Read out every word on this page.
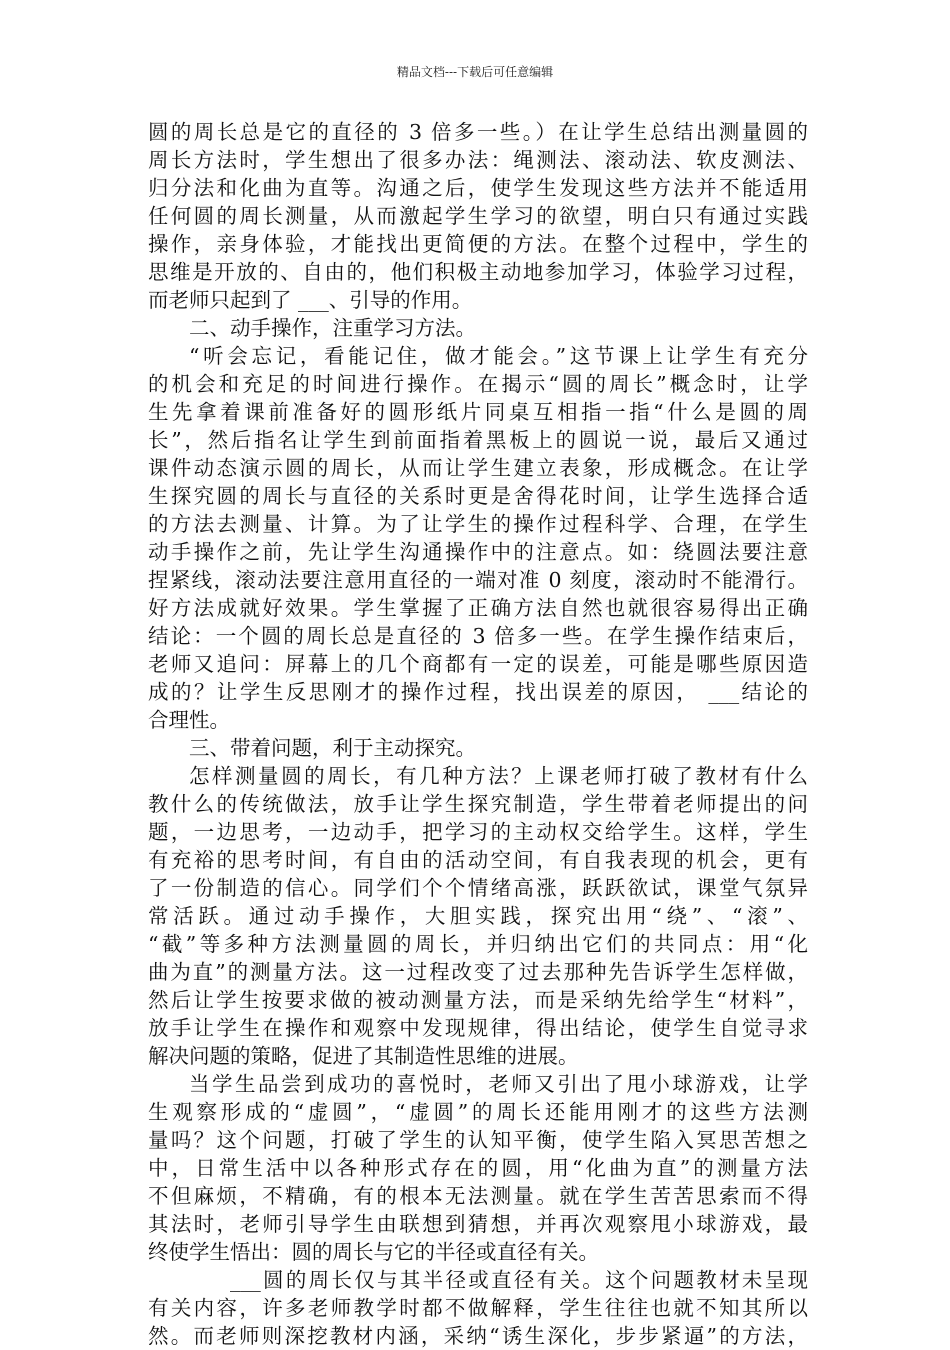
精品文档---下载后可任意编辑
圆的周长总是它的直径的 3 倍多一些。）在让学生总结出测量圆的
周长方法时，学生想出了很多办法：绳测法、滚动法、软皮测法、
归分法和化曲为直等。沟通之后，使学生发现这些方法并不能适用
任何圆的周长测量，从而激起学生学习的欲望，明白只有通过实践
操作，亲身体验，才能找出更简便的方法。在整个过程中，学生的
思维是开放的、自由的，他们积极主动地参加学习，体验学习过程，
而老师只起到了 ___、引导的作用。
二、动手操作，注重学习方法。
“听会忘记，看能记住，做才能会。”这节课上让学生有充分
的机会和充足的时间进行操作。在揭示“圆的周长”概念时，让学
生先拿着课前准备好的圆形纸片同桌互相指一指“什么是圆的周
长”，然后指名让学生到前面指着黑板上的圆说一说，最后又通过
课件动态演示圆的周长，从而让学生建立表象，形成概念。在让学
生探究圆的周长与直径的关系时更是舍得花时间，让学生选择合适
的方法去测量、计算。为了让学生的操作过程科学、合理，在学生
动手操作之前，先让学生沟通操作中的注意点。如：绕圆法要注意
捏紧线，滚动法要注意用直径的一端对准 0 刻度，滚动时不能滑行。
好方法成就好效果。学生掌握了正确方法自然也就很容易得出正确
结论：一个圆的周长总是直径的 3 倍多一些。在学生操作结束后，
老师又追问：屏幕上的几个商都有一定的误差，可能是哪些原因造
成的？让学生反思刚才的操作过程，找出误差的原因， ___结论的
合理性。
三、带着问题，利于主动探究。
怎样测量圆的周长，有几种方法？上课老师打破了教材有什么
教什么的传统做法，放手让学生探究制造，学生带着老师提出的问
题，一边思考，一边动手，把学习的主动权交给学生。这样，学生
有充裕的思考时间，有自由的活动空间，有自我表现的机会，更有
了一份制造的信心。同学们个个情绪高涨，跃跃欲试，课堂气氛异
常活跃。通过动手操作，大胆实践，探究出用“绕”、“滚”、
“截”等多种方法测量圆的周长，并归纳出它们的共同点：用“化
曲为直”的测量方法。这一过程改变了过去那种先告诉学生怎样做，
然后让学生按要求做的被动测量方法，而是采纳先给学生“材料”，
放手让学生在操作和观察中发现规律，得出结论，使学生自觉寻求
解决问题的策略，促进了其制造性思维的进展。
当学生品尝到成功的喜悦时，老师又引出了甩小球游戏，让学
生观察形成的“虚圆”，“虚圆”的周长还能用刚才的这些方法测
量吗？这个问题，打破了学生的认知平衡，使学生陷入冥思苦想之
中，日常生活中以各种形式存在的圆，用“化曲为直”的测量方法
不但麻烦，不精确，有的根本无法测量。就在学生苦苦思索而不得
其法时，老师引导学生由联想到猜想，并再次观察甩小球游戏，最
终使学生悟出：圆的周长与它的半径或直径有关。
___圆的周长仅与其半径或直径有关。这个问题教材未呈现
有关内容，许多老师教学时都不做解释，学生往往也就不知其所以
然。而老师则深挖教材内涵，采纳“诱生深化，步步紧逼”的方法，
